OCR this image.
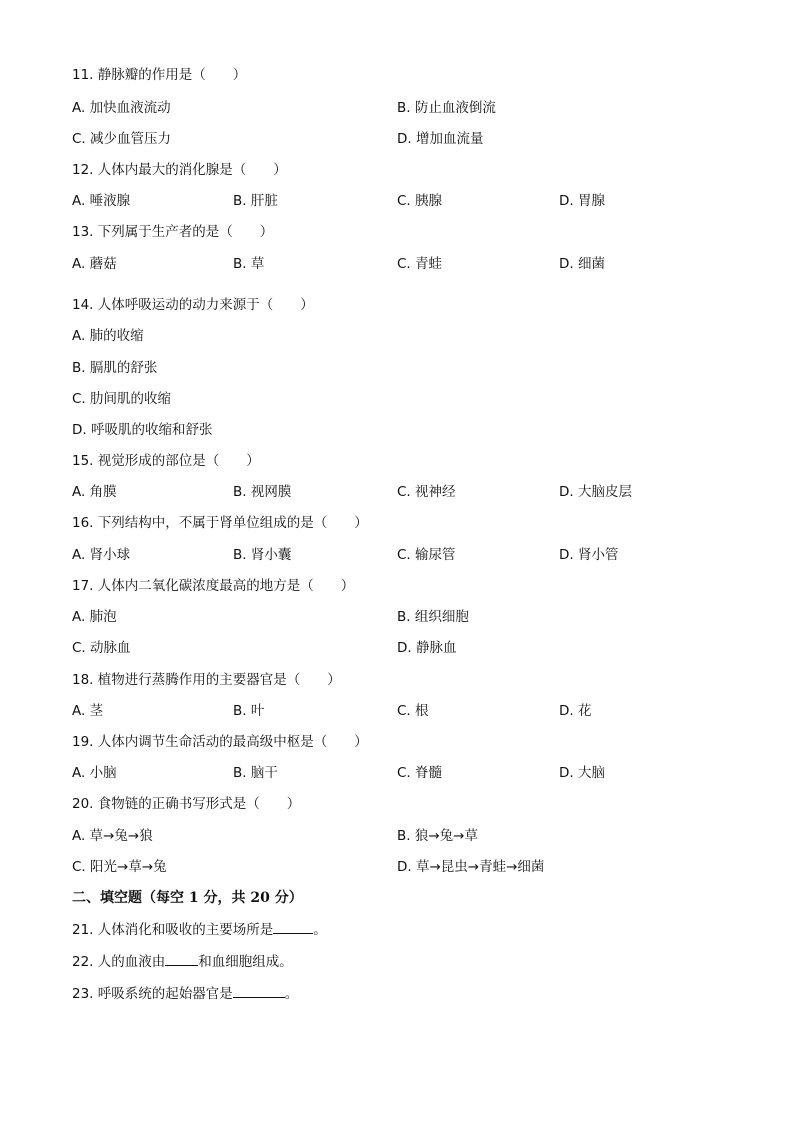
11. 静脉瓣的作用是（　　）
A. 加快血液流动	B. 防止血液倒流
C. 减少血管压力	D. 增加血流量
12. 人体内最大的消化腺是（　　）
A. 唾液腺	B. 肝脏	C. 胰腺	D. 胃腺
13. 下列属于生产者的是（　　）
A. 蘑菇	B. 草	C. 青蛙	D. 细菌
14. 人体呼吸运动的动力来源于（　　）
A. 肺的收缩
B. 膈肌的舒张
C. 肋间肌的收缩
D. 呼吸肌的收缩和舒张
15. 视觉形成的部位是（　　）
A. 角膜	B. 视网膜	C. 视神经	D. 大脑皮层
16. 下列结构中，不属于肾单位组成的是（　　）
A. 肾小球	B. 肾小囊	C. 输尿管	D. 肾小管
17. 人体内二氧化碳浓度最高的地方是（　　）
A. 肺泡	B. 组织细胞
C. 动脉血	D. 静脉血
18. 植物进行蒸腾作用的主要器官是（　　）
A. 茎	B. 叶	C. 根	D. 花
19. 人体内调节生命活动的最高级中枢是（　　）
A. 小脑	B. 脑干	C. 脊髓	D. 大脑
20. 食物链的正确书写形式是（　　）
A. 草→兔→狼	B. 狼→兔→草
C. 阳光→草→兔	D. 草→昆虫→青蛙→细菌
二、填空题（每空 1 分，共 20 分）
21. 人体消化和吸收的主要场所是	。
22. 人的血液由 和血细胞组成。
23. 呼吸系统的起始器官是	。
